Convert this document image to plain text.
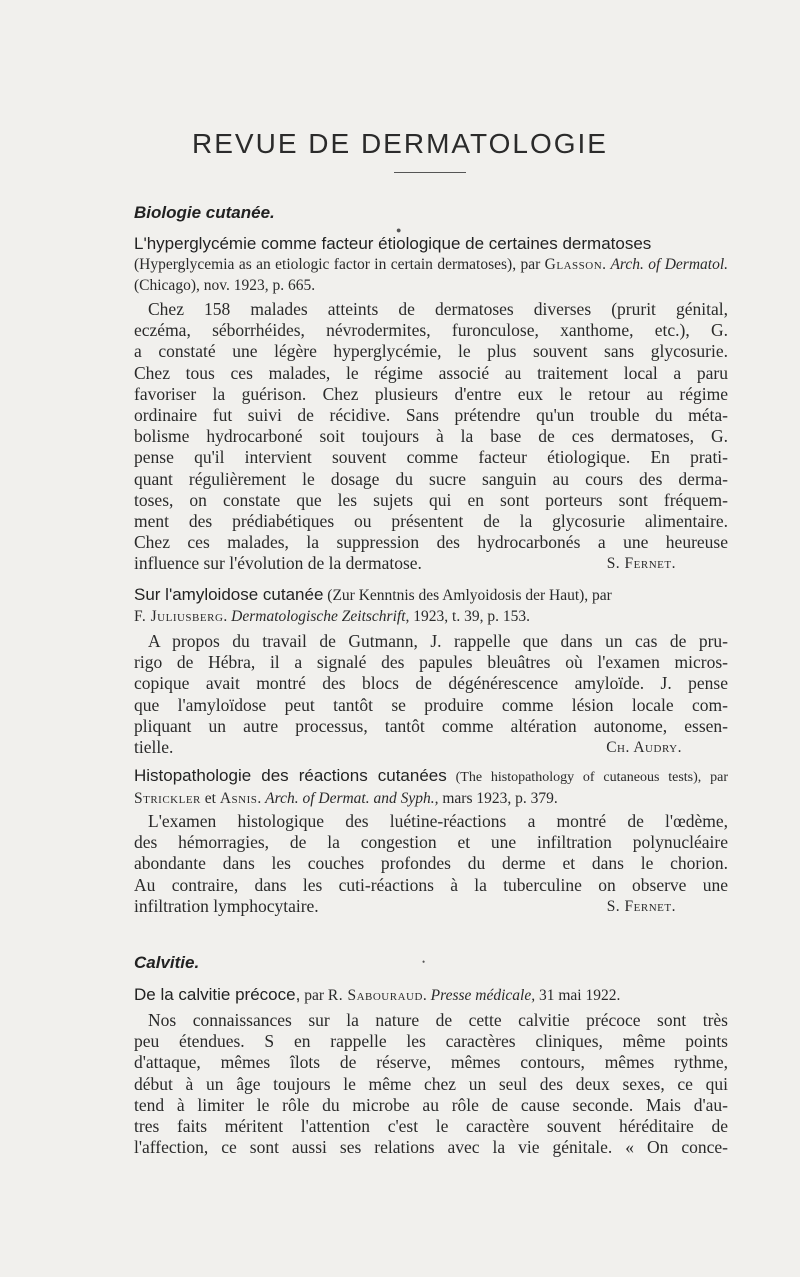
REVUE DE DERMATOLOGIE
Biologie cutanée.
●
L'hyperglycémie comme facteur étiologique de certaines dermatoses

(Hyperglycemia as an etiologic factor in certain dermatoses), par Glasson. Arch. of Dermatol. (Chicago), nov. 1923, p. 665.

Chez 158 malades atteints de dermatoses diverses (prurit génital,

eczéma, séborrhéides, névrodermites, furonculose, xanthome, etc.), G.

a constaté une légère hyperglycémie, le plus souvent sans glycosurie.

Chez tous ces malades, le régime associé au traitement local a paru

favoriser la guérison. Chez plusieurs d'entre eux le retour au régime

ordinaire fut suivi de récidive. Sans prétendre qu'un trouble du méta-

bolisme hydrocarboné soit toujours à la base de ces dermatoses, G.

pense qu'il intervient souvent comme facteur étiologique. En prati-

quant régulièrement le dosage du sucre sanguin au cours des derma-

toses, on constate que les sujets qui en sont porteurs sont fréquem-

ment des prédiabétiques ou présentent de la glycosurie alimentaire.

Chez ces malades, la suppression des hydrocarbonés a une heureuse

influence sur l'évolution de la dermatose.	S. Fernet.

Sur l'amyloidose cutanée (Zur Kenntnis des Amlyoidosis der Haut), par
F. Juliusberg. Dermatologische Zeitschrift, 1923, t. 39, p. 153.

A propos du travail de Gutmann, J. rappelle que dans un cas de pru-

rigo de Hébra, il a signalé des papules bleuâtres où l'examen micros-

copique avait montré des blocs de dégénérescence amyloïde. J. pense

que l'amyloïdose peut tantôt se produire comme lésion locale com-

pliquant un autre processus, tantôt comme altération autonome, essen-

tielle.	Ch. Audry.

Histopathologie des réactions cutanées (The histopathology of cutaneous tests), par Strickler et Asnis. Arch. of Dermat. and Syph., mars 1923, p. 379.

L'examen histologique des luétine-réactions a montré de l'œdème,

des hémorragies, de la congestion et une infiltration polynucléaire

abondante dans les couches profondes du derme et dans le chorion.

Au contraire, dans les cuti-réactions à la tuberculine on observe une

infiltration lymphocytaire.	S. Fernet.
Calvitie.	•

De la calvitie précoce, par R. Sabouraud. Presse médicale, 31 mai 1922.

Nos connaissances sur la nature de cette calvitie précoce sont très

peu étendues. S en rappelle les caractères cliniques, même points

d'attaque, mêmes îlots de réserve, mêmes contours, mêmes rythme,

début à un âge toujours le même chez un seul des deux sexes, ce qui

tend à limiter le rôle du microbe au rôle de cause seconde. Mais d'au-

tres faits méritent l'attention c'est le caractère souvent héréditaire de

l'affection, ce sont aussi ses relations avec la vie génitale. « On conce-
